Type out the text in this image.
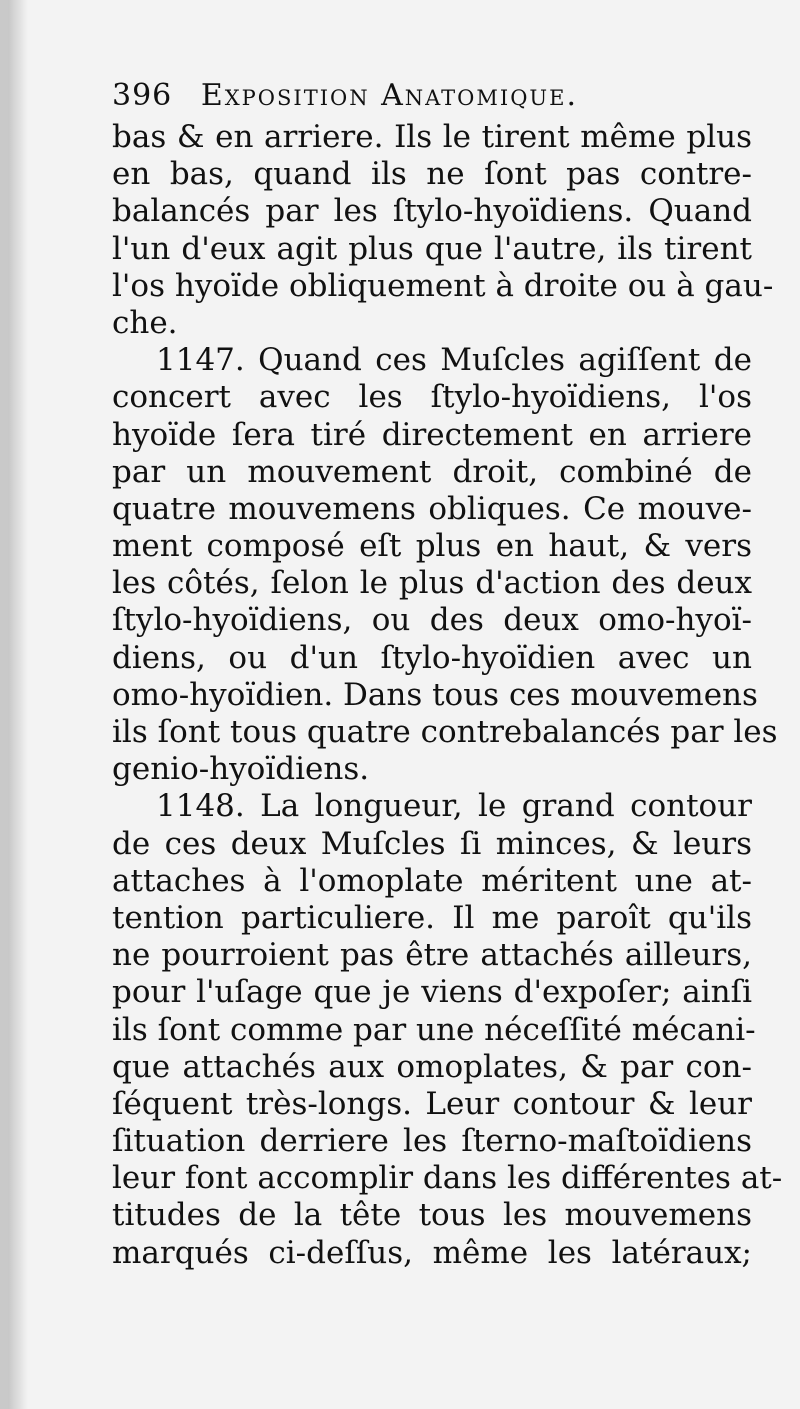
396 Exposition Anatomique.
bas & en arriere. Ils le tirent même plus
en bas, quand ils ne ſont pas contre-
balancés par les ſtylo-hyoïdiens. Quand
l'un d'eux agit plus que l'autre, ils tirent
l'os hyoïde obliquement à droite ou à gau-
che.
1147. Quand ces Muſcles agiſſent de
concert avec les ſtylo-hyoïdiens, l'os
hyoïde ſera tiré directement en arriere
par un mouvement droit, combiné de
quatre mouvemens obliques. Ce mouve-
ment composé eſt plus en haut, & vers
les côtés, ſelon le plus d'action des deux
ſtylo-hyoïdiens, ou des deux omo-hyoï-
diens, ou d'un ſtylo-hyoïdien avec un
omo-hyoïdien. Dans tous ces mouvemens
ils ſont tous quatre contrebalancés par les
genio-hyoïdiens.
1148. La longueur, le grand contour
de ces deux Muſcles ſi minces, & leurs
attaches à l'omoplate méritent une at-
tention particuliere. Il me paroît qu'ils
ne pourroient pas être attachés ailleurs,
pour l'uſage que je viens d'expoſer; ainſi
ils ſont comme par une néceſſité mécani-
que attachés aux omoplates, & par con-
ſéquent très-longs. Leur contour & leur
ſituation derriere les ſterno-maſtoïdiens
leur font accomplir dans les différentes at-
titudes de la tête tous les mouvemens
marqués ci-deſſus, même les latéraux;
